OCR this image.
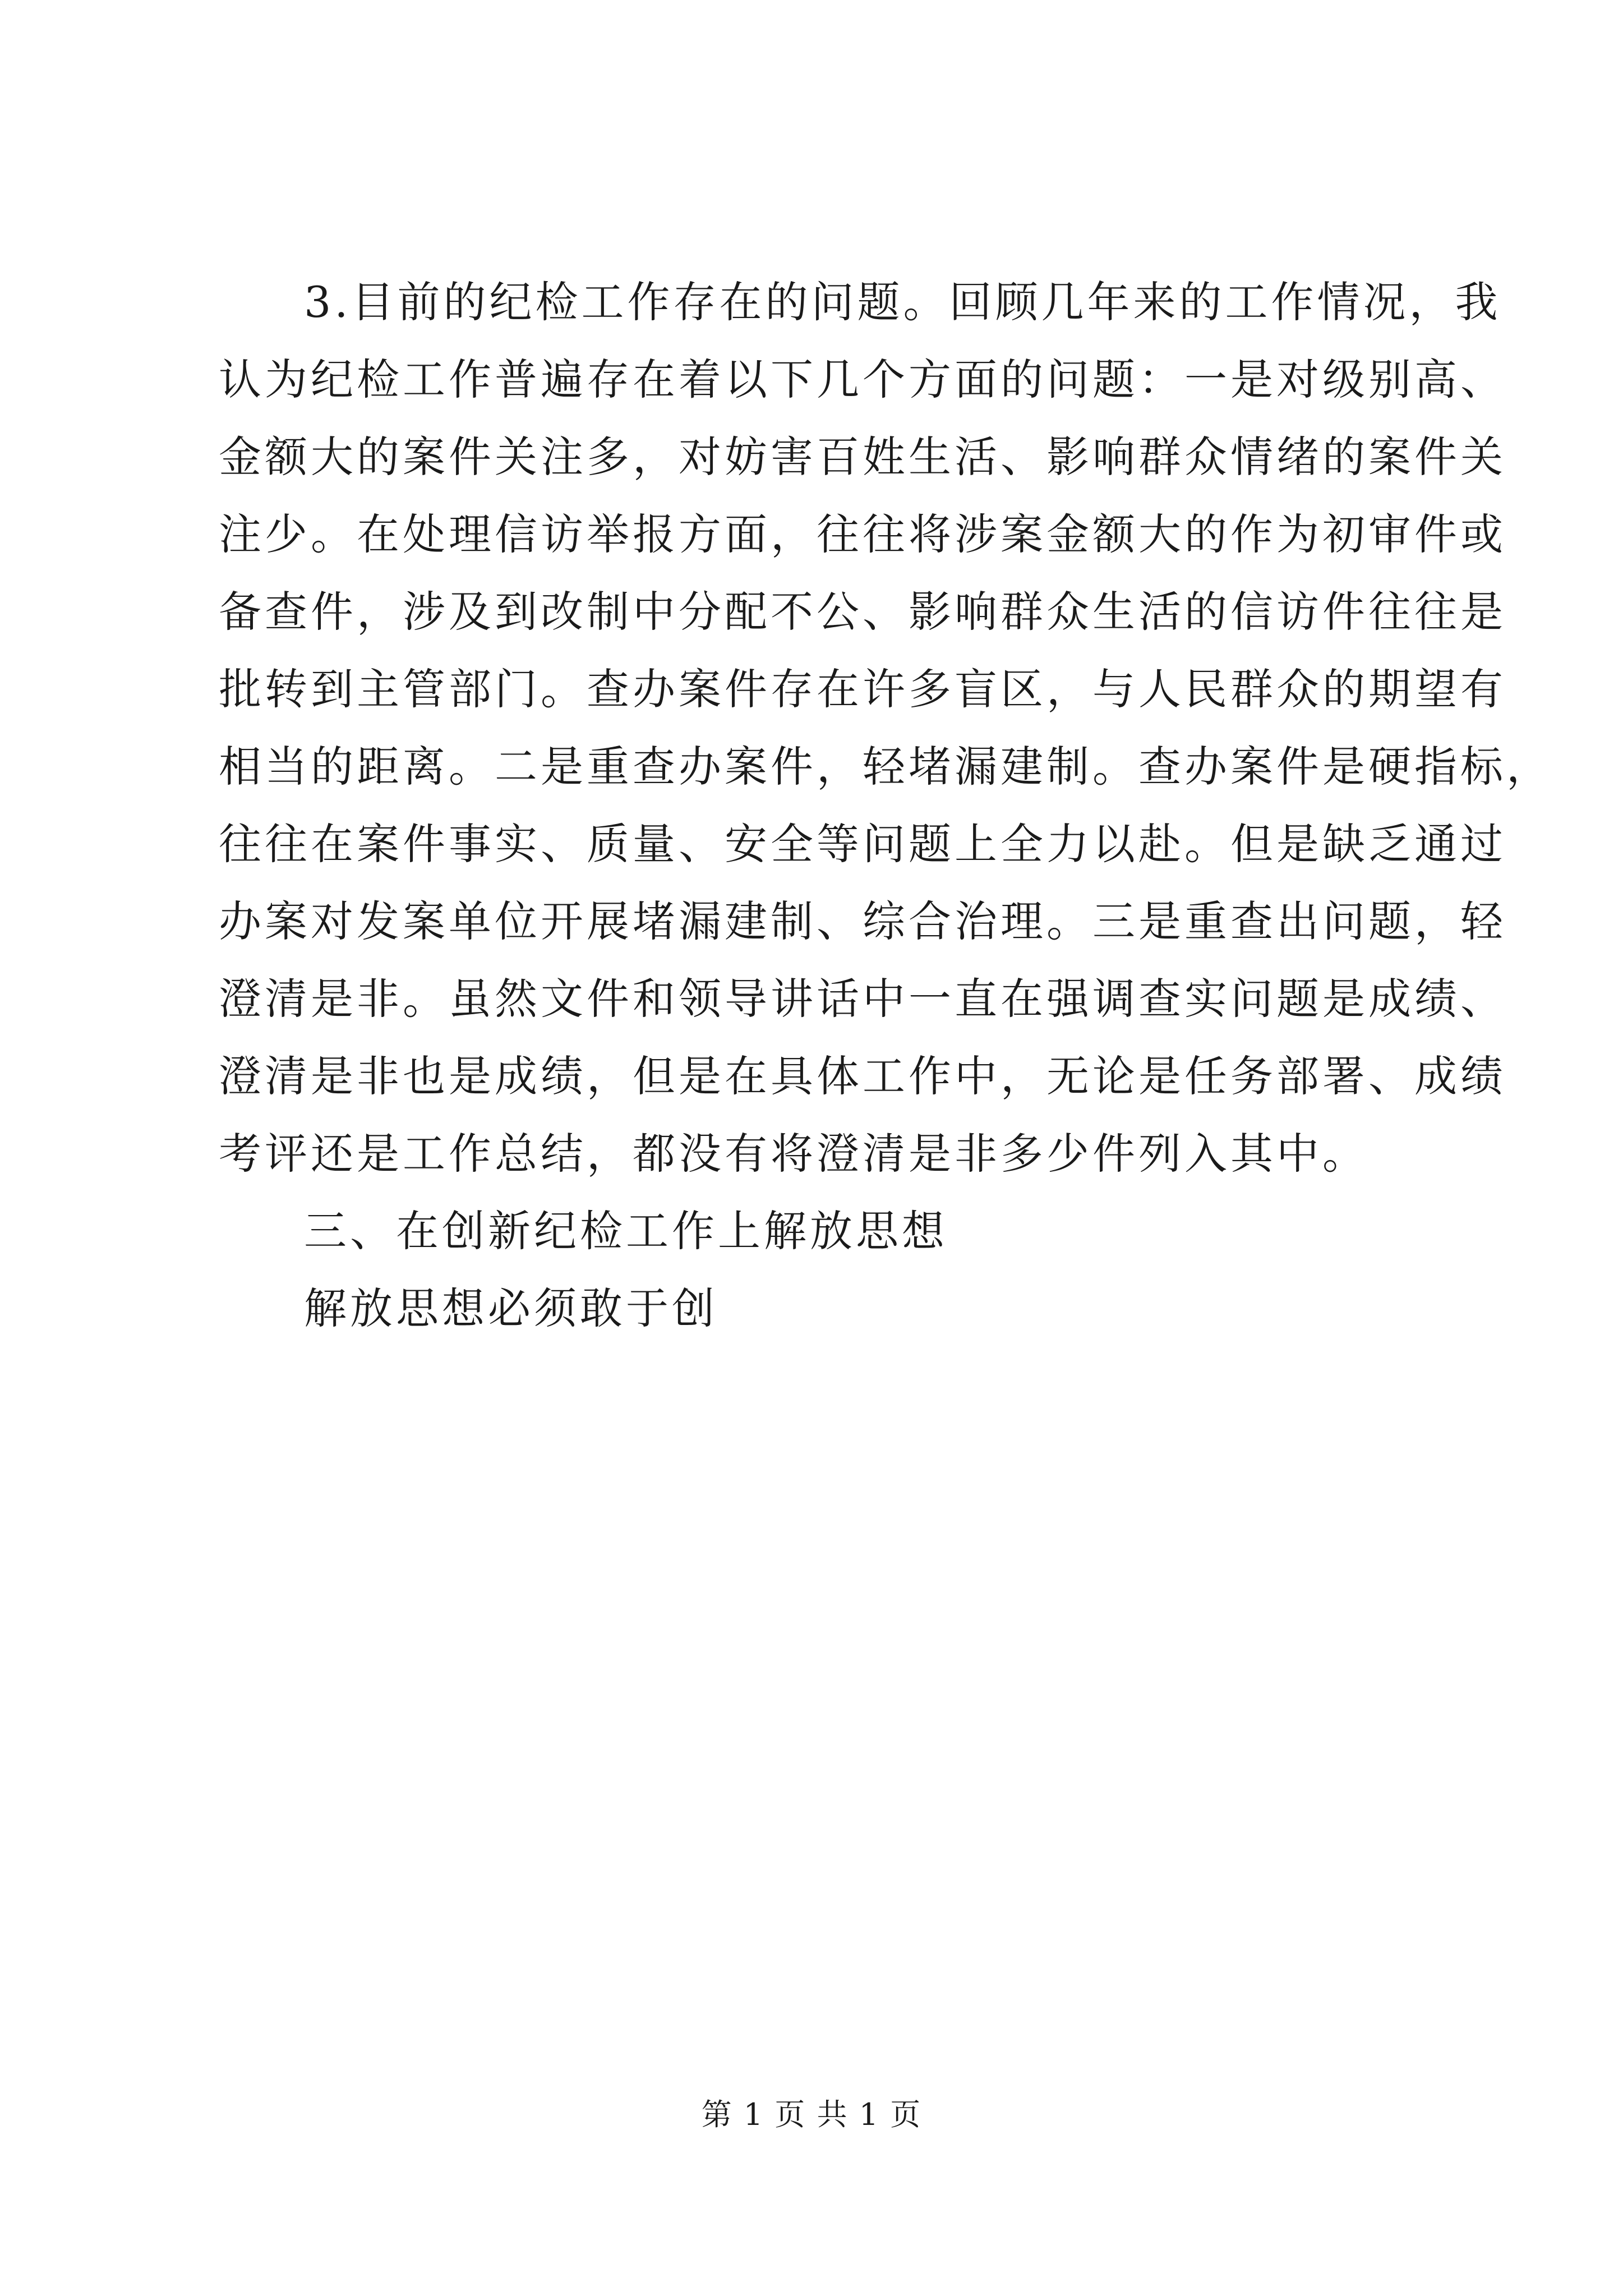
3.目前的纪检工作存在的问题。回顾几年来的工作情况，我
认为纪检工作普遍存在着以下几个方面的问题：一是对级别高、
金额大的案件关注多，对妨害百姓生活、影响群众情绪的案件关
注少。在处理信访举报方面，往往将涉案金额大的作为初审件或
备查件，涉及到改制中分配不公、影响群众生活的信访件往往是
批转到主管部门。查办案件存在许多盲区，与人民群众的期望有
相当的距离。二是重查办案件，轻堵漏建制。查办案件是硬指标，
往往在案件事实、质量、安全等问题上全力以赴。但是缺乏通过
办案对发案单位开展堵漏建制、综合治理。三是重查出问题，轻
澄清是非。虽然文件和领导讲话中一直在强调查实问题是成绩、
澄清是非也是成绩，但是在具体工作中，无论是任务部署、成绩
考评还是工作总结，都没有将澄清是非多少件列入其中。
三、在创新纪检工作上解放思想
解放思想必须敢于创
第 1 页 共 1 页
